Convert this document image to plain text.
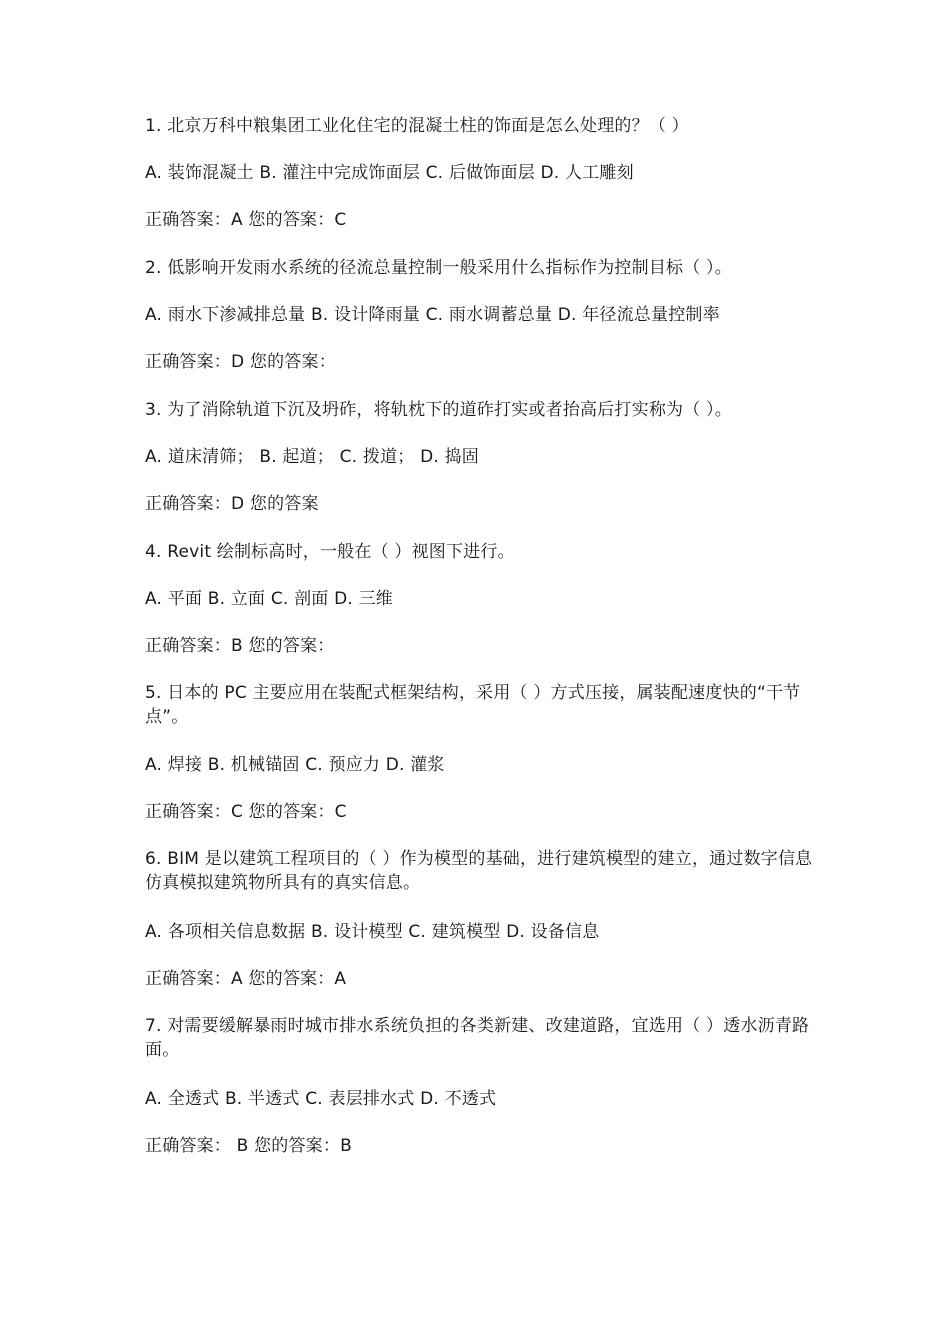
1. 北京万科中粮集团工业化住宅的混凝土柱的饰面是怎么处理的？（ ）
A. 装饰混凝土 B. 灌注中完成饰面层 C. 后做饰面层 D. 人工雕刻
正确答案：A 您的答案：C
2. 低影响开发雨水系统的径流总量控制一般采用什么指标作为控制目标（ ）。
A. 雨水下渗减排总量 B. 设计降雨量 C. 雨水调蓄总量 D. 年径流总量控制率
正确答案：D 您的答案：
3. 为了消除轨道下沉及坍砟，将轨枕下的道砟打实或者抬高后打实称为（ ）。
A. 道床清筛； B. 起道； C. 拨道； D. 捣固
正确答案：D 您的答案
4. Revit 绘制标高时，一般在（ ）视图下进行。
A. 平面 B. 立面 C. 剖面 D. 三维
正确答案：B 您的答案：
5. 日本的 PC 主要应用在装配式框架结构，采用（ ）方式压接，属装配速度快的“干节点”。
A. 焊接 B. 机械锚固 C. 预应力 D. 灌浆
正确答案：C 您的答案：C
6. BIM 是以建筑工程项目的（ ）作为模型的基础，进行建筑模型的建立，通过数字信息仿真模拟建筑物所具有的真实信息。
A. 各项相关信息数据 B. 设计模型 C. 建筑模型 D. 设备信息
正确答案：A 您的答案：A
7. 对需要缓解暴雨时城市排水系统负担的各类新建、改建道路，宜选用（ ）透水沥青路面。
A. 全透式 B. 半透式 C. 表层排水式 D. 不透式
正确答案： B 您的答案：B
